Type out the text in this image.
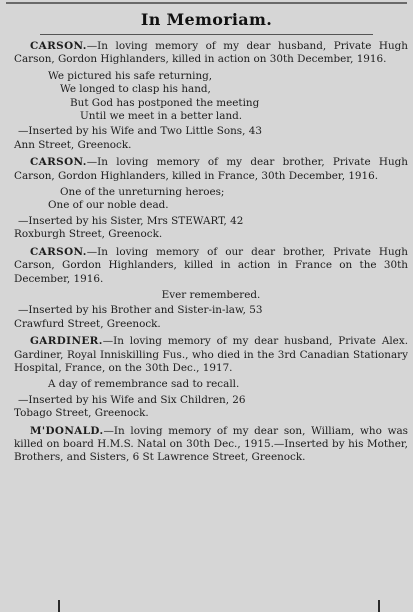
In Memoriam.

CARSON.—In loving memory of my dear husband, Private Hugh Carson, Gordon Highlanders, killed in action on 30th December, 1916.

We pictured his safe returning,
We longed to clasp his hand,
But God has postponed the meeting
Until we meet in a better land.

—Inserted by his Wife and Two Little Sons, 43
Ann Street, Greenock.

CARSON.—In loving memory of my dear brother, Private Hugh Carson, Gordon Highlanders, killed in France, 30th December, 1916.

One of the unreturning heroes;
One of our noble dead.

—Inserted by his Sister, Mrs STEWART, 42
Roxburgh Street, Greenock.

CARSON.—In loving memory of our dear brother, Private Hugh Carson, Gordon Highlanders, killed in action in France on the 30th December, 1916.

Ever remembered.

—Inserted by his Brother and Sister-in-law, 53
Crawfurd Street, Greenock.

GARDINER.—In loving memory of my dear husband, Private Alex. Gardiner, Royal Inniskilling Fus., who died in the 3rd Canadian Stationary Hospital, France, on the 30th Dec., 1917.

A day of remembrance sad to recall.

—Inserted by his Wife and Six Children, 26
Tobago Street, Greenock.

M'DONALD.—In loving memory of my dear son, William, who was killed on board H.M.S. Natal on 30th Dec., 1915.—Inserted by his Mother, Brothers, and Sisters, 6 St Lawrence Street, Greenock.
